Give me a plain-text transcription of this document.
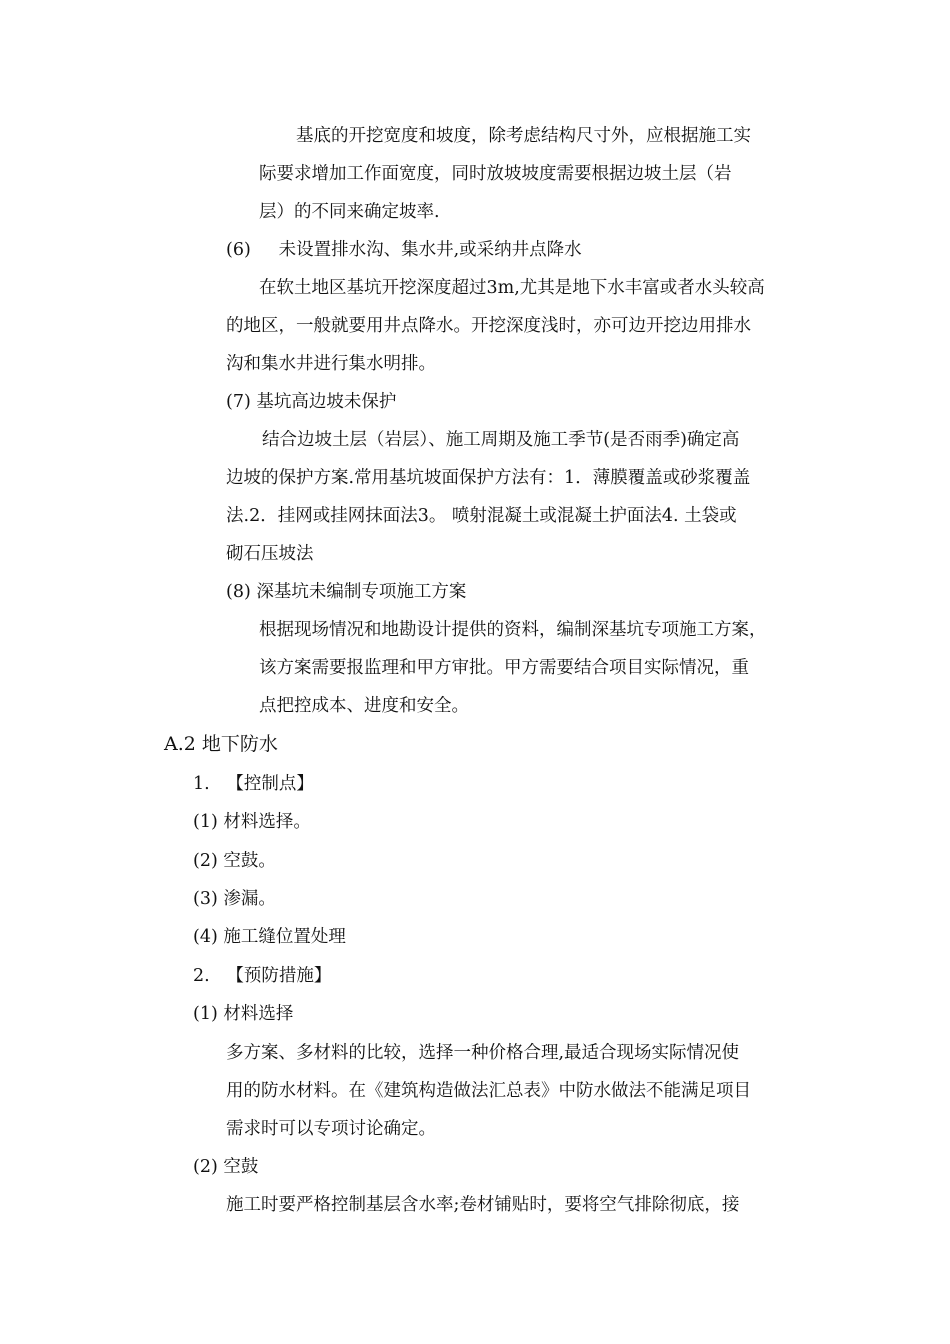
基底的开挖宽度和坡度，除考虑结构尺寸外，应根据施工实
际要求增加工作面宽度，同时放坡坡度需要根据边坡土层（岩
层）的不同来确定坡率.
(6)     未设置排水沟、集水井,或采纳井点降水
在软土地区基坑开挖深度超过3m,尤其是地下水丰富或者水头较高
的地区，一般就要用井点降水。开挖深度浅时，亦可边开挖边用排水
沟和集水井进行集水明排。
(7) 基坑高边坡未保护
结合边坡土层（岩层）、施工周期及施工季节(是否雨季)确定高
边坡的保护方案.常用基坑坡面保护方法有：1．薄膜覆盖或砂浆覆盖
法.2．挂网或挂网抹面法3。 喷射混凝土或混凝土护面法4. 土袋或
砌石压坡法
(8) 深基坑未编制专项施工方案
根据现场情况和地勘设计提供的资料，编制深基坑专项施工方案，
该方案需要报监理和甲方审批。甲方需要结合项目实际情况，重
点把控成本、进度和安全。
A.2 地下防水
1.   【控制点】
(1) 材料选择。
(2) 空鼓。
(3) 渗漏。
(4) 施工缝位置处理
2.   【预防措施】
(1) 材料选择
多方案、多材料的比较，选择一种价格合理,最适合现场实际情况使
用的防水材料。在《建筑构造做法汇总表》中防水做法不能满足项目
需求时可以专项讨论确定。
(2) 空鼓
施工时要严格控制基层含水率;卷材铺贴时，要将空气排除彻底，接
